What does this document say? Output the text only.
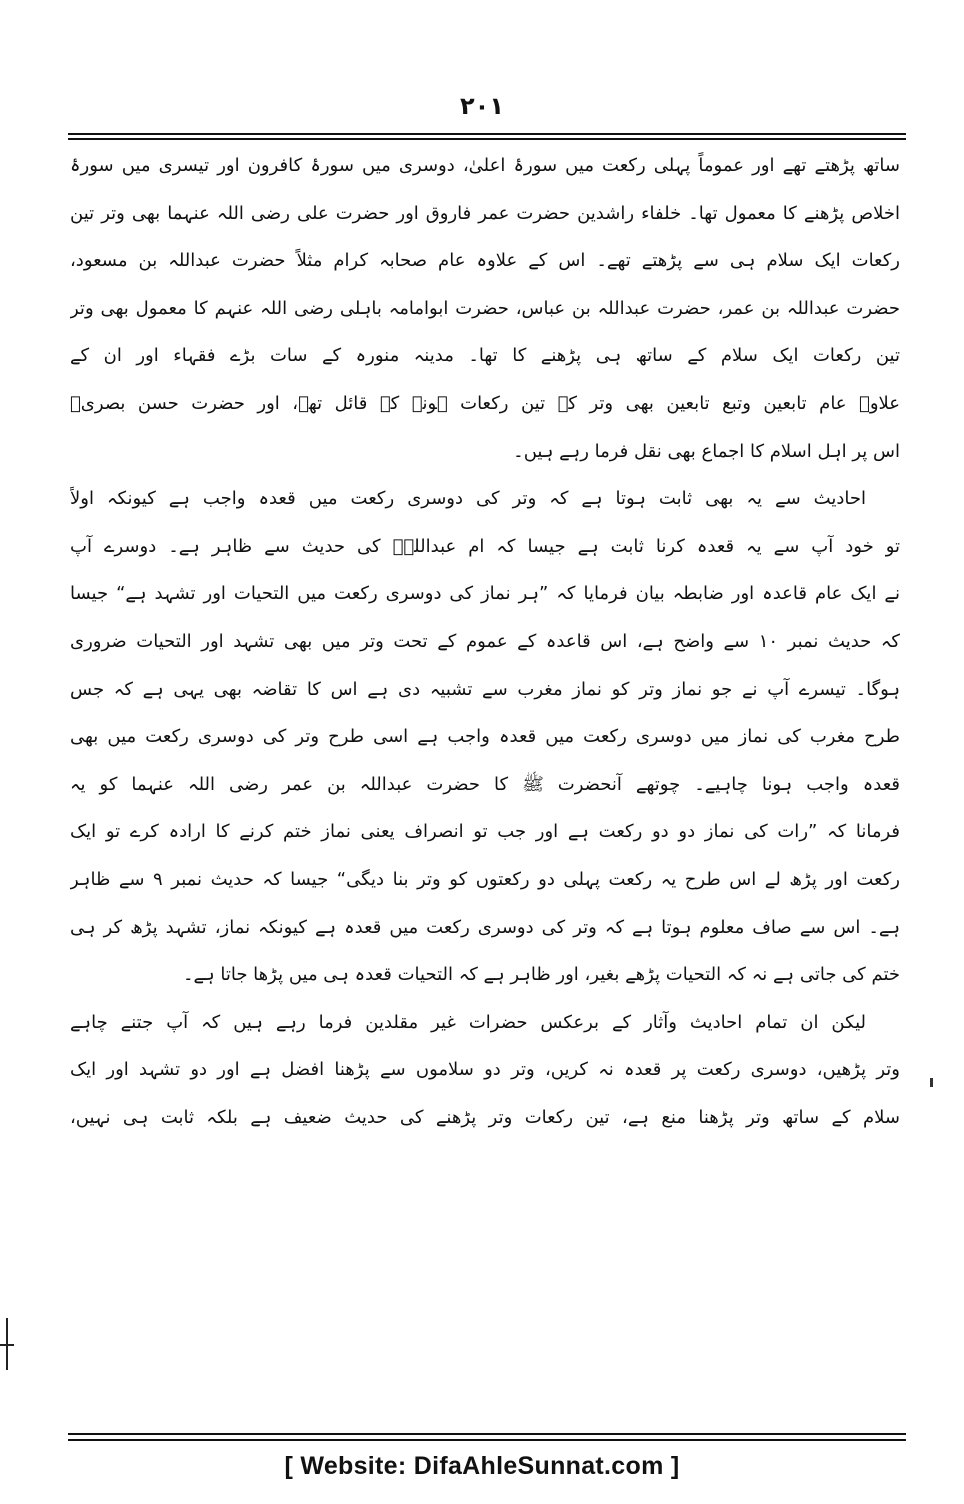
۲۰۱
ساتھ پڑھتے تھے اور عموماً پہلی رکعت میں سورۂ اعلیٰ، دوسری میں سورۂ کافرون اور تیسری میں سورۂ
اخلاص پڑھنے کا معمول تھا۔ خلفاء راشدین حضرت عمر فاروق اور حضرت علی رضی اللہ عنہما بھی وتر تین
رکعات ایک سلام ہی سے پڑھتے تھے۔ اس کے علاوہ عام صحابہ کرام مثلاً حضرت عبداللہ بن مسعود،
حضرت عبداللہ بن عمر، حضرت عبداللہ بن عباس، حضرت ابوامامہ باہلی رضی اللہ عنہم کا معمول بھی وتر
تین رکعات ایک سلام کے ساتھ ہی پڑھنے کا تھا۔ مدینہ منورہ کے سات بڑے فقہاء اور ان کے
علاوہ عام تابعین وتبع تابعین بھی وتر کے تین رکعات ہونے کے قائل تھے، اور حضرت حسن بصریؒ
اس پر اہل اسلام کا اجماع بھی نقل فرما رہے ہیں۔
احادیث سے یہ بھی ثابت ہوتا ہے کہ وتر کی دوسری رکعت میں قعدہ واجب ہے کیونکہ اولاً
تو خود آپ سے یہ قعدہ کرنا ثابت ہے جیسا کہ ام عبداللہؓ کی حدیث سے ظاہر ہے۔ دوسرے آپ
نے ایک عام قاعدہ اور ضابطہ بیان فرمایا کہ ”ہر نماز کی دوسری رکعت میں التحیات اور تشہد ہے“ جیسا
کہ حدیث نمبر ۱۰ سے واضح ہے، اس قاعدہ کے عموم کے تحت وتر میں بھی تشہد اور التحیات ضروری
ہوگا۔ تیسرے آپ نے جو نماز وتر کو نماز مغرب سے تشبیہ دی ہے اس کا تقاضہ بھی یہی ہے کہ جس
طرح مغرب کی نماز میں دوسری رکعت میں قعدہ واجب ہے اسی طرح وتر کی دوسری رکعت میں بھی
قعدہ واجب ہونا چاہیے۔ چوتھے آنحضرت ﷺ کا حضرت عبداللہ بن عمر رضی اللہ عنہما کو یہ
فرمانا کہ ”رات کی نماز دو دو رکعت ہے اور جب تو انصراف یعنی نماز ختم کرنے کا ارادہ کرے تو ایک
رکعت اور پڑھ لے اس طرح یہ رکعت پہلی دو رکعتوں کو وتر بنا دیگی“ جیسا کہ حدیث نمبر ۹ سے ظاہر
ہے۔ اس سے صاف معلوم ہوتا ہے کہ وتر کی دوسری رکعت میں قعدہ ہے کیونکہ نماز، تشہد پڑھ کر ہی
ختم کی جاتی ہے نہ کہ التحیات پڑھے بغیر، اور ظاہر ہے کہ التحیات قعدہ ہی میں پڑھا جاتا ہے۔
لیکن ان تمام احادیث وآثار کے برعکس حضرات غیر مقلدین فرما رہے ہیں کہ آپ جتنے چاہے
وتر پڑھیں، دوسری رکعت پر قعدہ نہ کریں، وتر دو سلاموں سے پڑھنا افضل ہے اور دو تشہد اور ایک
سلام کے ساتھ وتر پڑھنا منع ہے، تین رکعات وتر پڑھنے کی حدیث ضعیف ہے بلکہ ثابت ہی نہیں،
[ Website: DifaAhleSunnat.com ]
